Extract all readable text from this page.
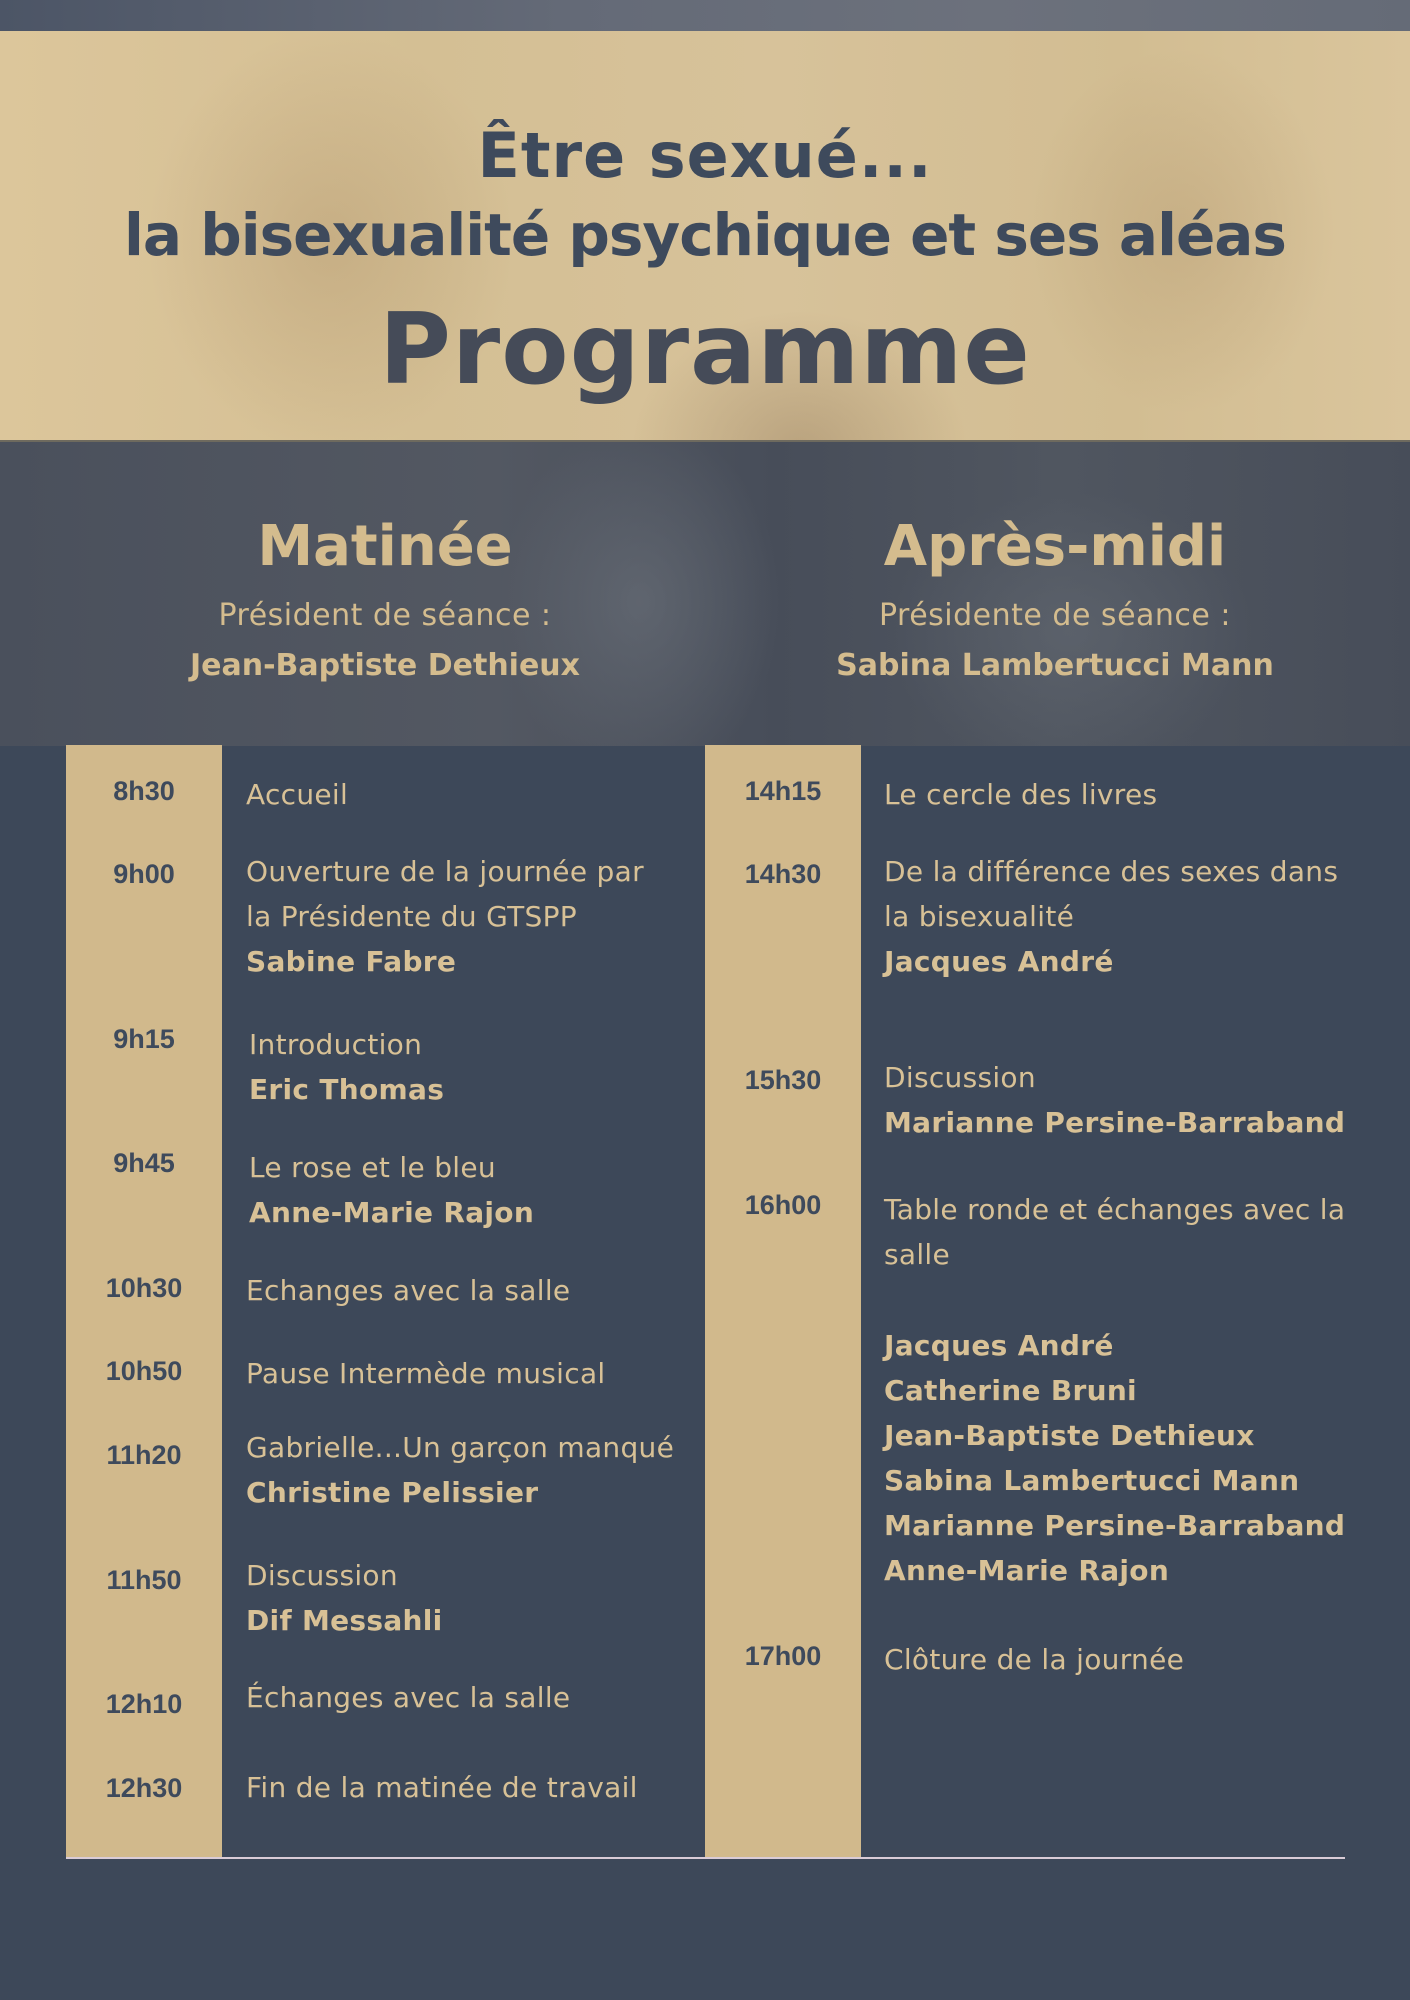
Être sexué...
la bisexualité psychique et ses aléas
Programme
Matinée
Président de séance :
Jean-Baptiste Dethieux
Après-midi
Présidente de séance :
Sabina Lambertucci Mann
8h30	Accueil
9h00	Ouverture de la journée par
la Présidente du GTSPP
Sabine Fabre
9h15	Introduction
Eric Thomas
9h45	Le rose et le bleu
Anne-Marie Rajon
10h30	Echanges avec la salle
10h50	Pause Intermède musical
11h20	Gabrielle...Un garçon manqué
Christine Pelissier
11h50	Discussion
Dif Messahli
12h10	Échanges avec la salle
12h30	Fin de la matinée de travail
14h15	Le cercle des livres
14h30	De la différence des sexes dans
la bisexualité
Jacques André
15h30	Discussion
Marianne Persine-Barraband
16h00	Table ronde et échanges avec la
salle
Jacques André
Catherine Bruni
Jean-Baptiste Dethieux
Sabina Lambertucci Mann
Marianne Persine-Barraband
Anne-Marie Rajon
17h00	Clôture de la journée
